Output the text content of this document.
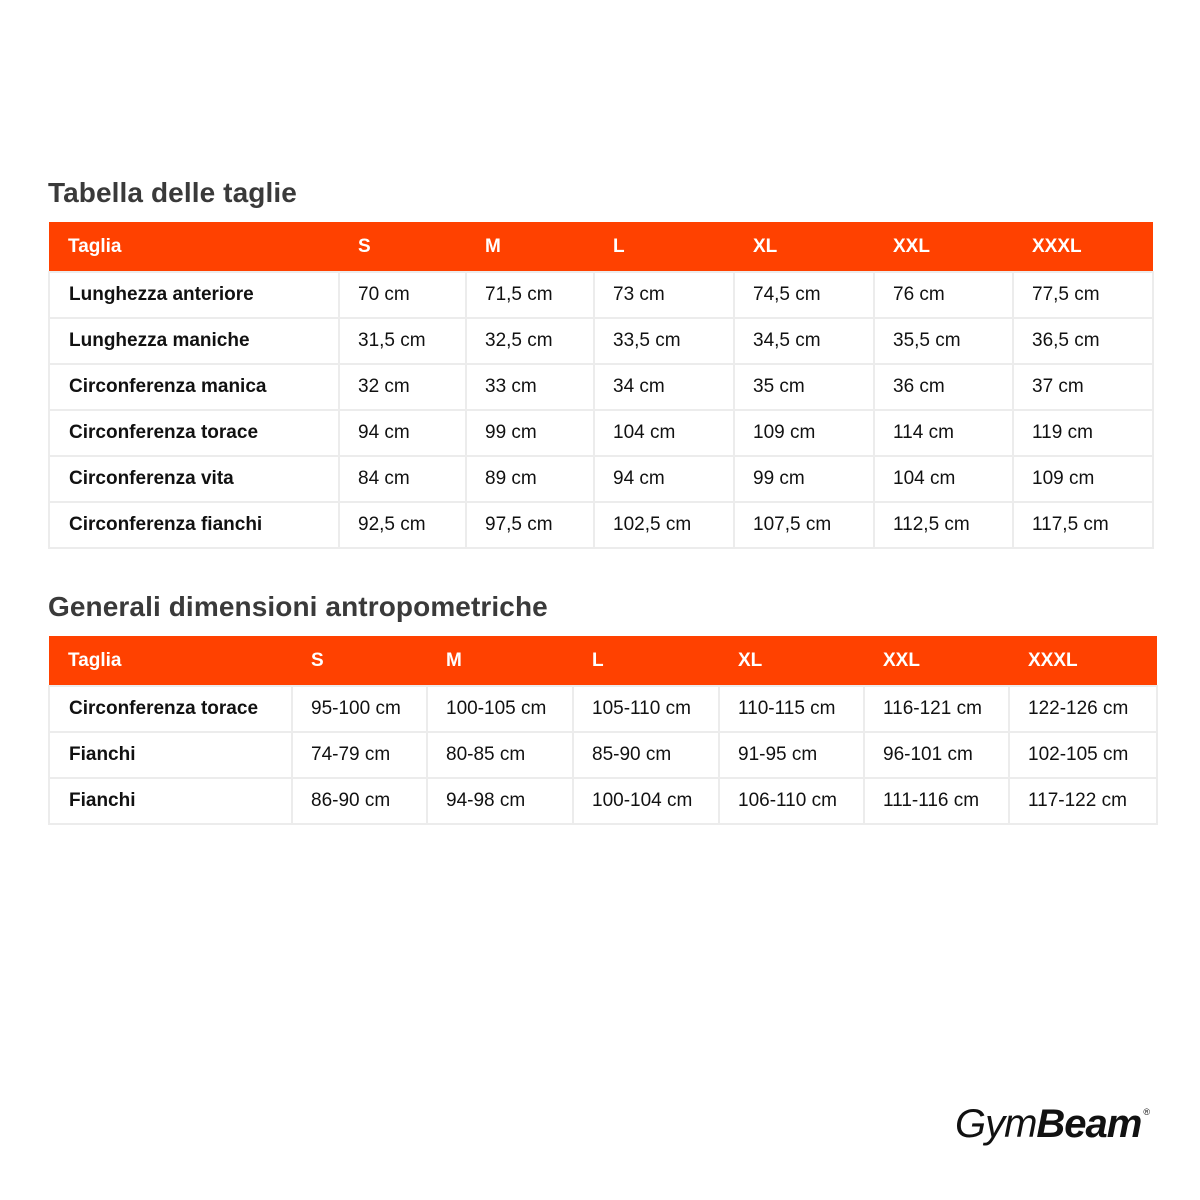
Tabella delle taglie
Taglia	S	M	L	XL	XXL	XXXL
Lunghezza anteriore	70 cm	71,5 cm	73 cm	74,5 cm	76 cm	77,5 cm
Lunghezza maniche	31,5 cm	32,5 cm	33,5 cm	34,5 cm	35,5 cm	36,5 cm
Circonferenza manica	32 cm	33 cm	34 cm	35 cm	36 cm	37 cm
Circonferenza torace	94 cm	99 cm	104 cm	109 cm	114 cm	119 cm
Circonferenza vita	84 cm	89 cm	94 cm	99 cm	104 cm	109 cm
Circonferenza fianchi	92,5 cm	97,5 cm	102,5 cm	107,5 cm	112,5 cm	117,5 cm
Generali dimensioni antropometriche
Taglia	S	M	L	XL	XXL	XXXL
Circonferenza torace	95-100 cm	100-105 cm	105-110 cm	110-115 cm	116-121 cm	122-126 cm
Fianchi	74-79 cm	80-85 cm	85-90 cm	91-95 cm	96-101 cm	102-105 cm
Fianchi	86-90 cm	94-98 cm	100-104 cm	106-110 cm	111-116 cm	117-122 cm
GymBeam ®
